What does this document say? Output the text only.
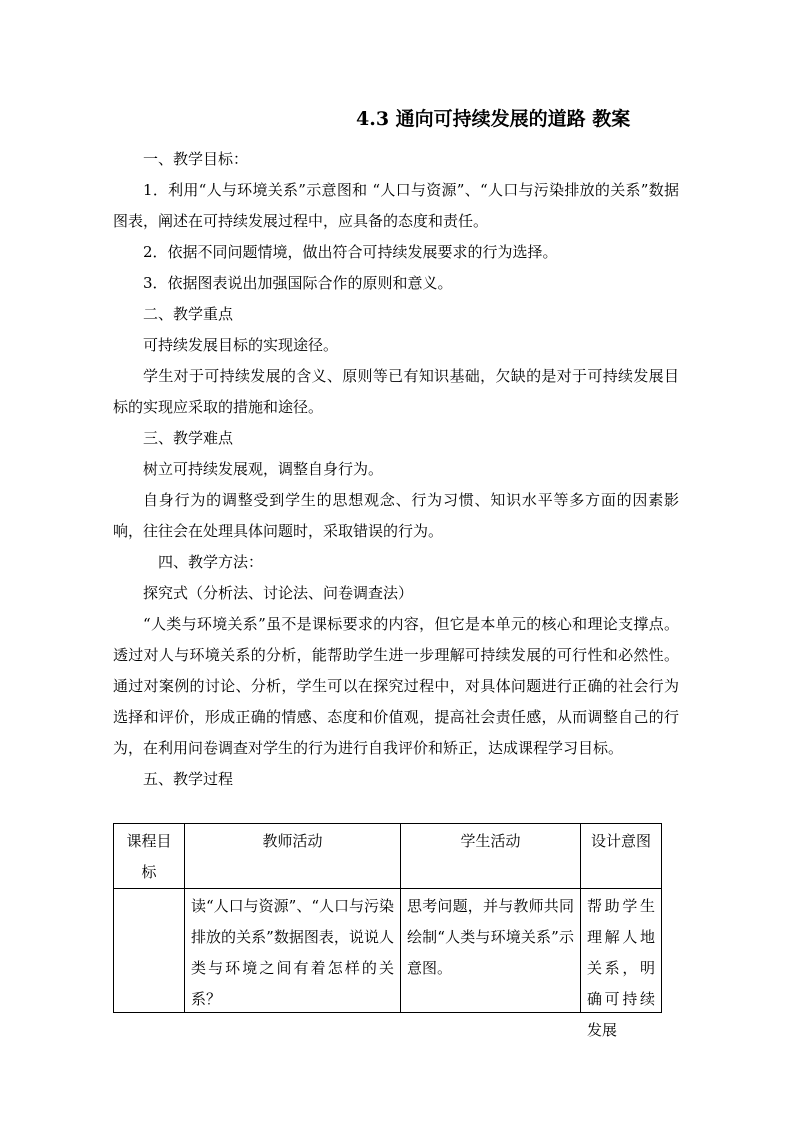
4.3 通向可持续发展的道路 教案

一、教学目标：

1．利用“人与环境关系”示意图和 “人口与资源”、“人口与污染排放的关系”数据图表，阐述在可持续发展过程中，应具备的态度和责任。

2．依据不同问题情境，做出符合可持续发展要求的行为选择。

3．依据图表说出加强国际合作的原则和意义。

二、教学重点

可持续发展目标的实现途径。

学生对于可持续发展的含义、原则等已有知识基础，欠缺的是对于可持续发展目标的实现应采取的措施和途径。

三、教学难点

树立可持续发展观，调整自身行为。

自身行为的调整受到学生的思想观念、行为习惯、知识水平等多方面的因素影响，往往会在处理具体问题时，采取错误的行为。

四、教学方法：

探究式（分析法、讨论法、问卷调查法）

“人类与环境关系”虽不是课标要求的内容，但它是本单元的核心和理论支撑点。透过对人与环境关系的分析，能帮助学生进一步理解可持续发展的可行性和必然性。通过对案例的讨论、分析，学生可以在探究过程中，对具体问题进行正确的社会行为选择和评价，形成正确的情感、态度和价值观，提高社会责任感，从而调整自己的行为，在利用问卷调查对学生的行为进行自我评价和矫正，达成课程学习目标。

五、教学过程

课程目标	教师活动	学生活动	设计意图

	读“人口与资源”、“人口与污染排放的关系”数据图表，说说人类与环境之间有着怎样的关系？	思考问题，并与教师共同绘制“人类与环境关系”示意图。	帮助学生理解人地关系，明确可持续发展
